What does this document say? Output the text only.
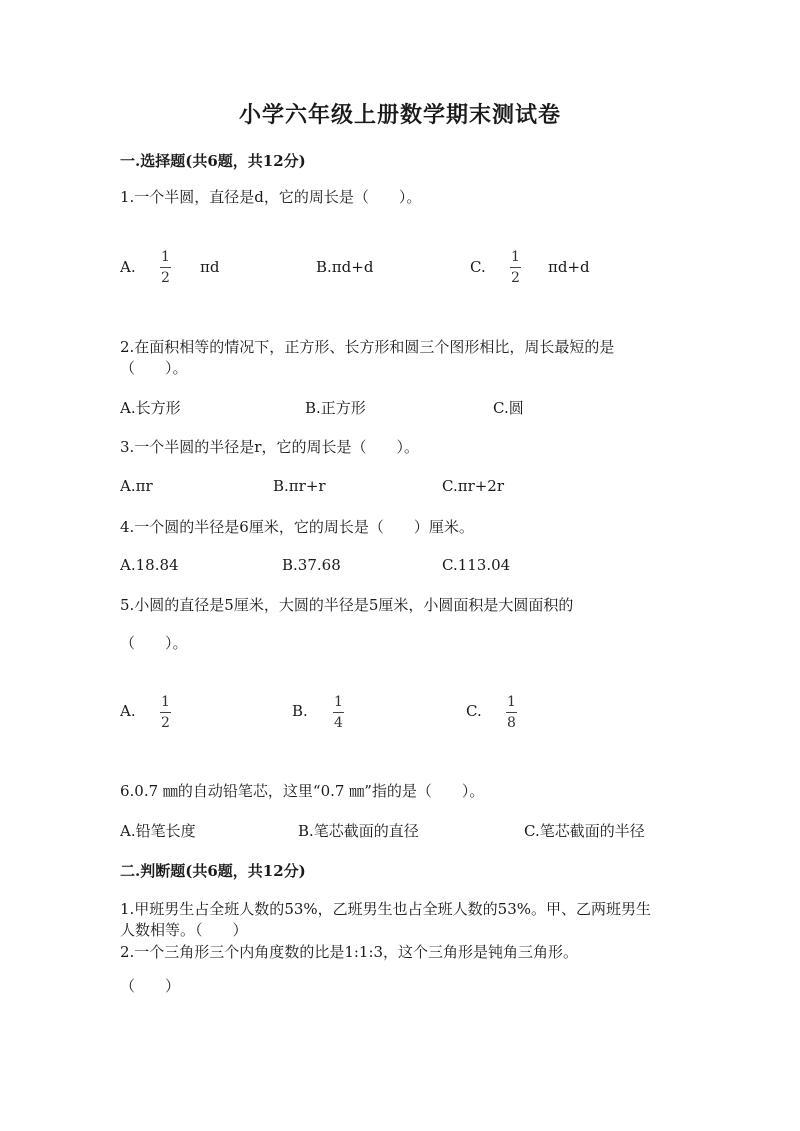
小学六年级上册数学期末测试卷
一.选择题(共6题，共12分)
1.一个半圆，直径是d，它的周长是（　　）。
A.
1
2
πd	B.πd+d	C.
1
2
πd+d
2.在面积相等的情况下，正方形、长方形和圆三个图形相比，周长最短的是
（　　）。
A.长方形	B.正方形	C.圆
3.一个半圆的半径是r，它的周长是（　　）。
A.πr	B.πr+r	C.πr+2r
4.一个圆的半径是6厘米，它的周长是（　　）厘米。
A.18.84	B.37.68	C.113.04
5.小圆的直径是5厘米，大圆的半径是5厘米，小圆面积是大圆面积的
（　　）。
A. 1
2
B. 1
4
C. 1
8
6.0.7 ㎜的自动铅笔芯，这里“0.7 ㎜”指的是（　　）。
A.铅笔长度	B.笔芯截面的直径	C.笔芯截面的半径
二.判断题(共6题，共12分)
1.甲班男生占全班人数的53%，乙班男生也占全班人数的53%。甲、乙两班男生
人数相等。（　　）
2.一个三角形三个内角度数的比是1:1:3，这个三角形是钝角三角形。
（　　）
